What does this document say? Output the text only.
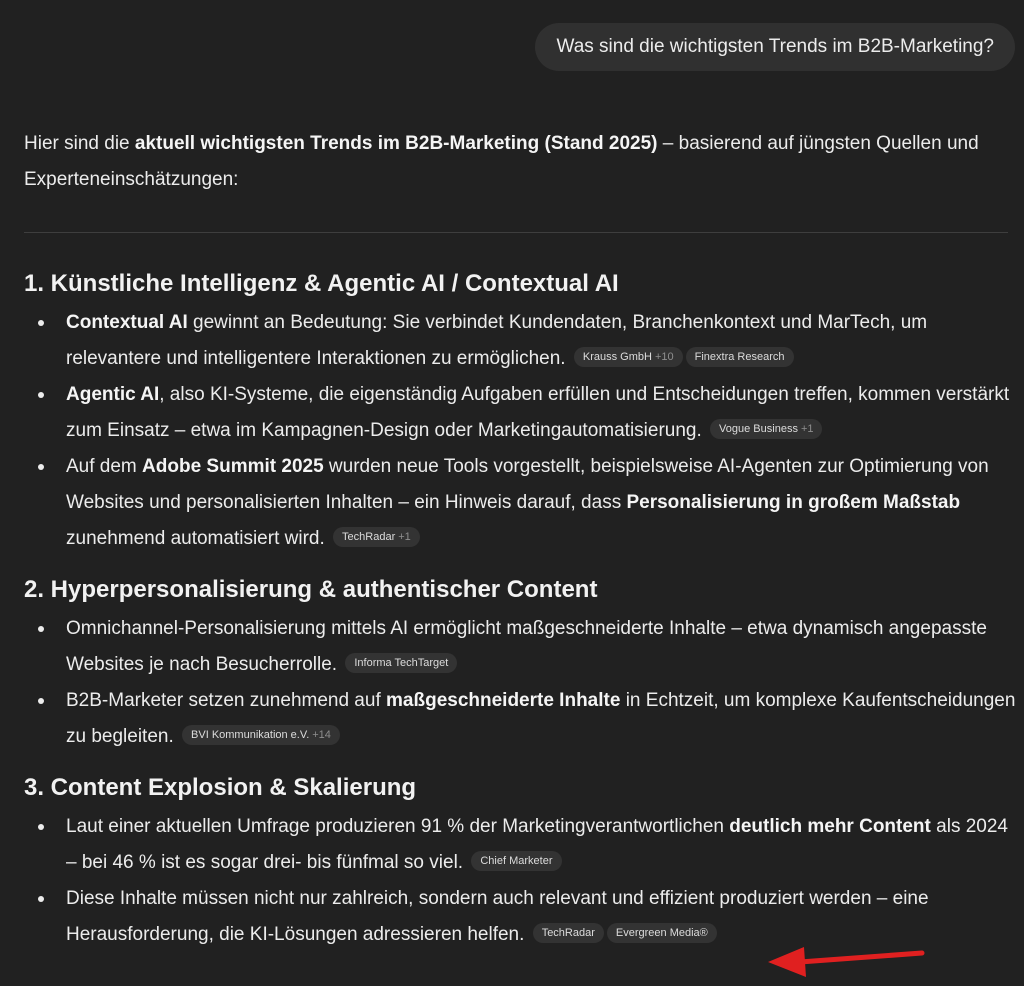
Was sind die wichtigsten Trends im B2B-Marketing?

Hier sind die aktuell wichtigsten Trends im B2B-Marketing (Stand 2025) – basierend auf jüngsten Quellen und Experteneinschätzungen:

1. Künstliche Intelligenz & Agentic AI / Contextual AI
Contextual AI gewinnt an Bedeutung: Sie verbindet Kundendaten, Branchenkontext und MarTech, um relevantere und intelligentere Interaktionen zu ermöglichen. Krauss GmbH +10 Finextra Research
Agentic AI, also KI-Systeme, die eigenständig Aufgaben erfüllen und Entscheidungen treffen, kommen verstärkt zum Einsatz – etwa im Kampagnen-Design oder Marketingautomatisierung. Vogue Business +1
Auf dem Adobe Summit 2025 wurden neue Tools vorgestellt, beispielsweise AI-Agenten zur Optimierung von Websites und personalisierten Inhalten – ein Hinweis darauf, dass Personalisierung in großem Maßstab zunehmend automatisiert wird. TechRadar +1
2. Hyperpersonalisierung & authentischer Content
Omnichannel-Personalisierung mittels AI ermöglicht maßgeschneiderte Inhalte – etwa dynamisch angepasste Websites je nach Besucherrolle. Informa TechTarget
B2B-Marketer setzen zunehmend auf maßgeschneiderte Inhalte in Echtzeit, um komplexe Kaufentscheidungen zu begleiten. BVI Kommunikation e.V. +14
3. Content Explosion & Skalierung
Laut einer aktuellen Umfrage produzieren 91 % der Marketingverantwortlichen deutlich mehr Content als 2024 – bei 46 % ist es sogar drei- bis fünfmal so viel. Chief Marketer
Diese Inhalte müssen nicht nur zahlreich, sondern auch relevant und effizient produziert werden – eine Herausforderung, die KI-Lösungen adressieren helfen. TechRadar Evergreen Media®
